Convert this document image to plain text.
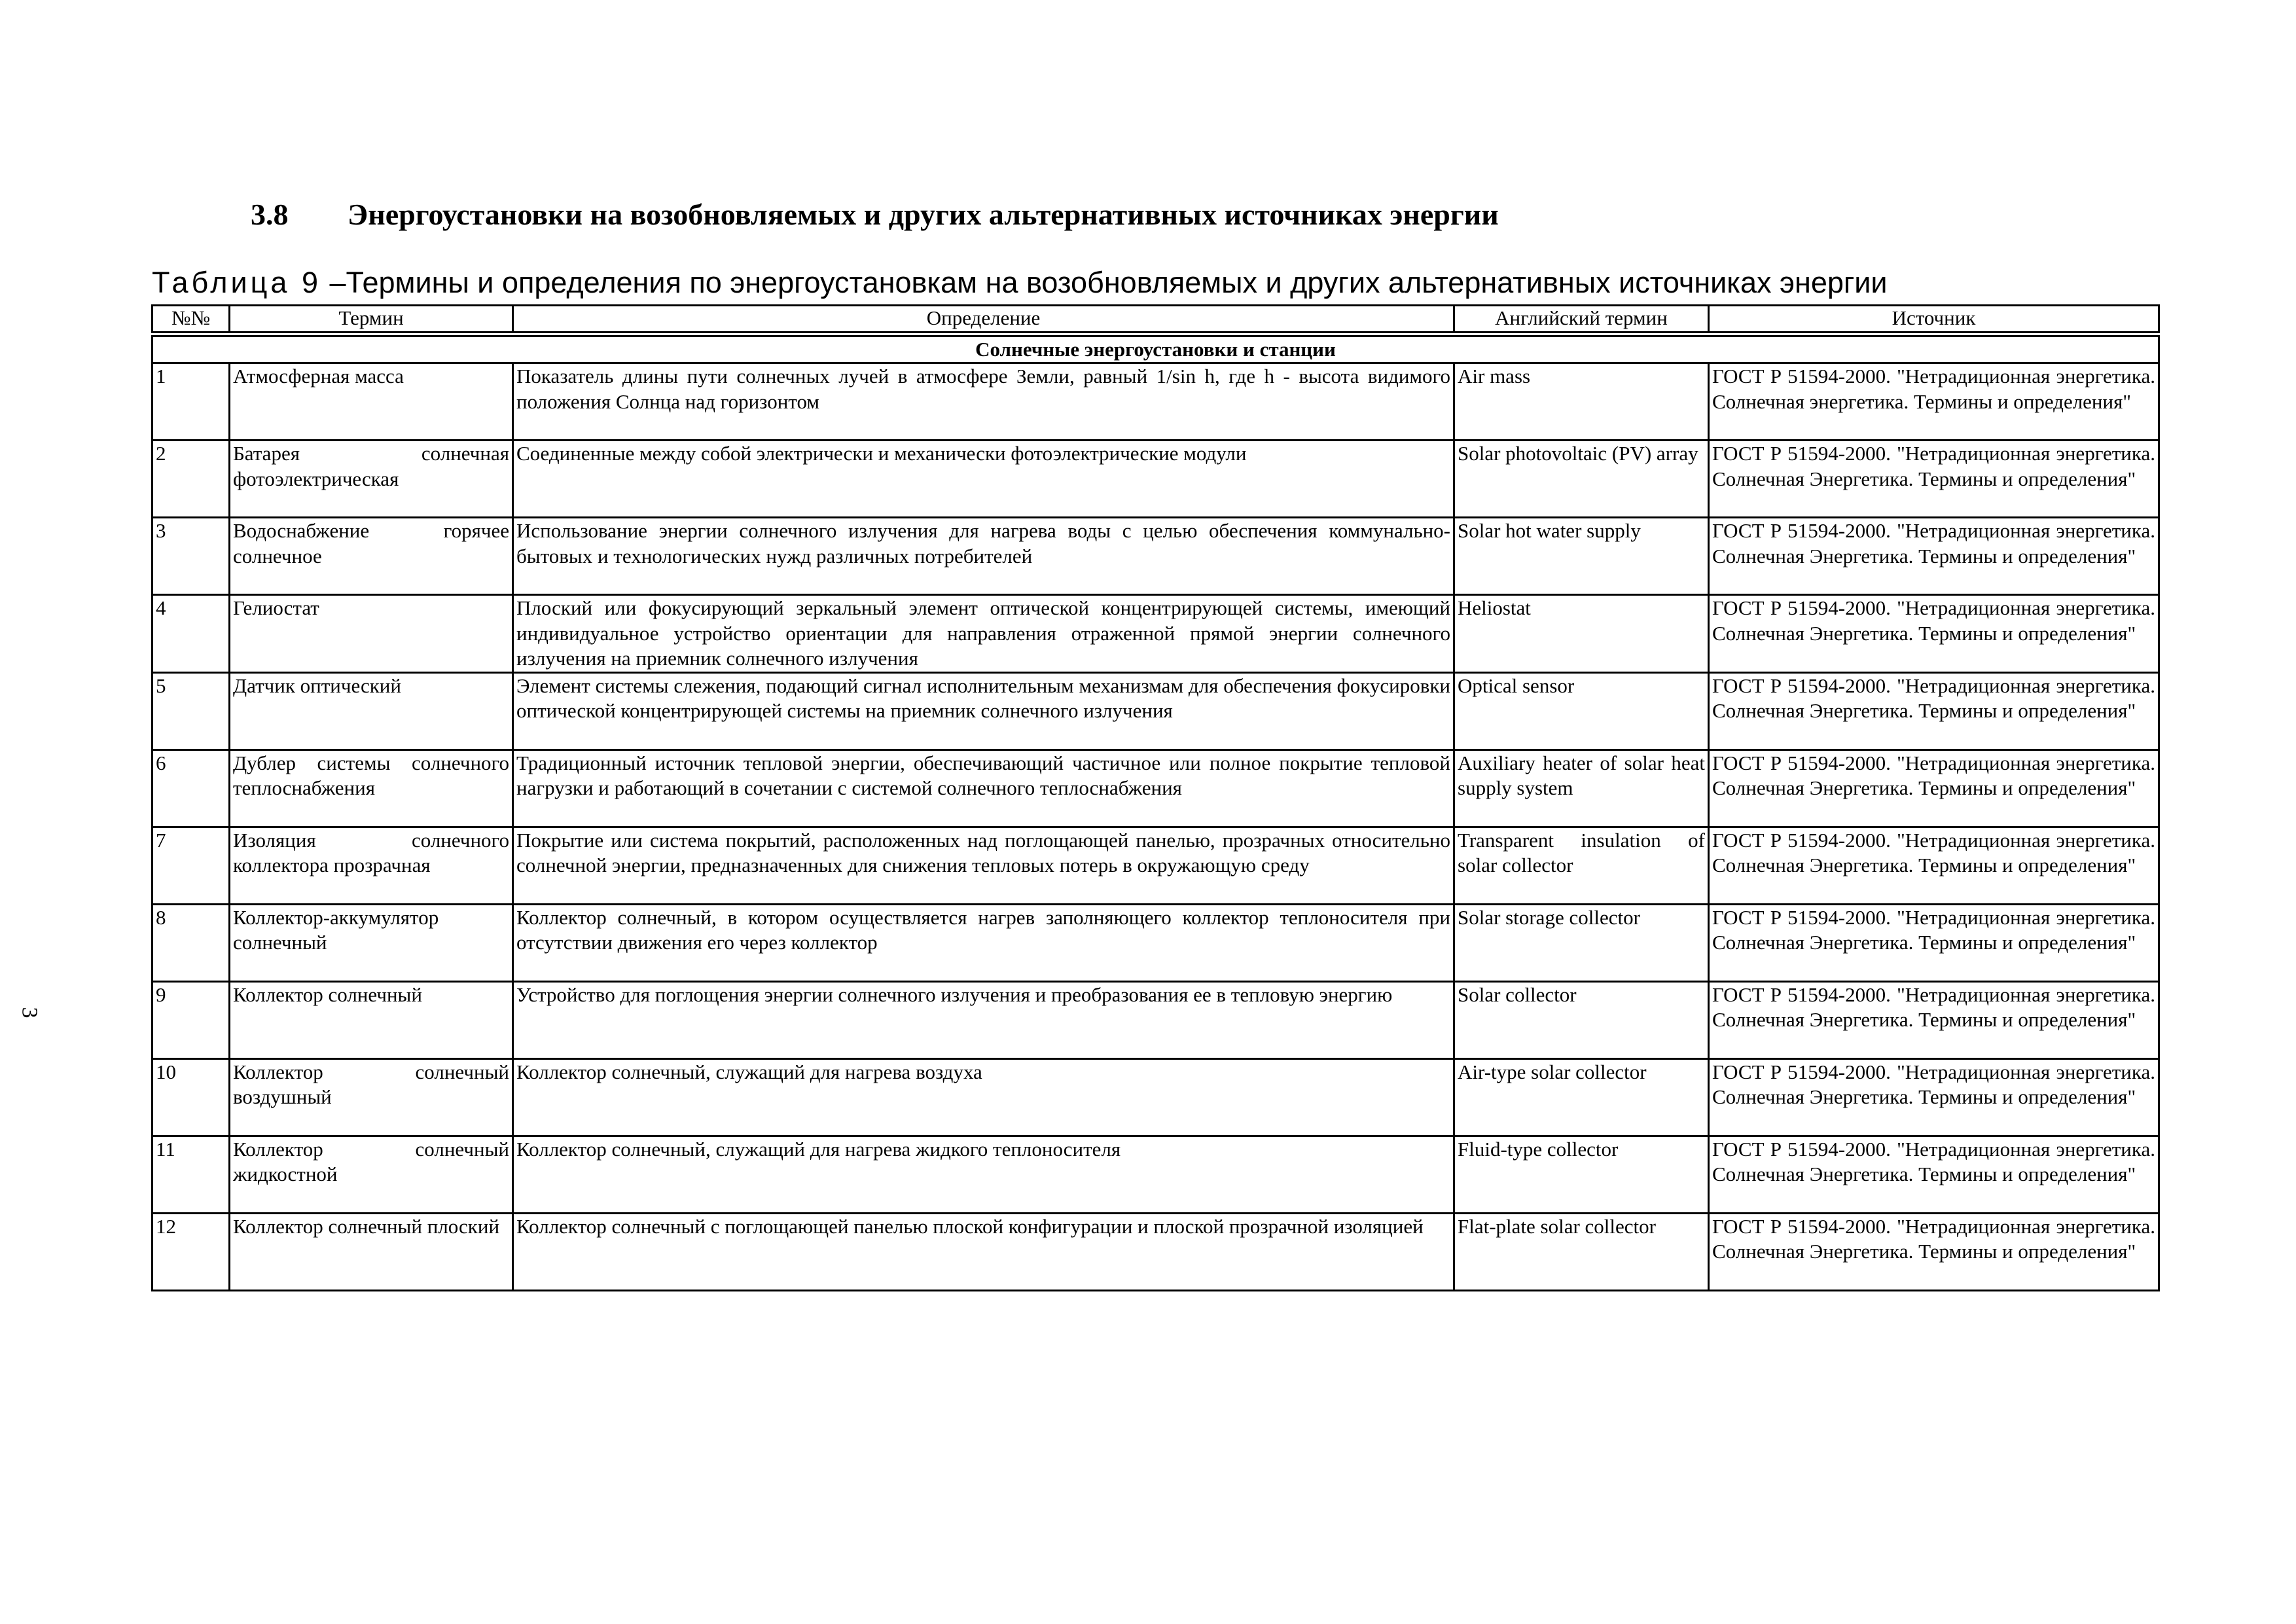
3.8 Энергоустановки на возобновляемых и других альтернативных источниках энергии
Таблица 9 –Термины и определения по энергоустановкам на возобновляемых и других альтернативных источниках энергии
№№	Термин	Определение	Английский термин	Источник
Солнечные энергоустановки и станции				
1	Атмосферная масса	Показатель длины пути солнечных лучей в атмосфере Земли, равный 1/sin h, где h - высота видимого положения Солнца над горизонтом	Air mass	ГОСТ Р 51594-2000. "Нетрадиционная энергетика. Солнечная энергетика. Термины и определения"
2	Батарея солнечная фотоэлектрическая	Соединенные между собой электрически и механически фотоэлектрические модули	Solar photovoltaic (PV) array	ГОСТ Р 51594-2000. "Нетрадиционная энергетика. Солнечная Энергетика. Термины и определения"
3	Водоснабжение горячее солнечное	Использование энергии солнечного излучения для нагрева воды с целью обеспечения коммунально-бытовых и технологических нужд различных потребителей	Solar hot water supply	ГОСТ Р 51594-2000. "Нетрадиционная энергетика. Солнечная Энергетика. Термины и определения"
4	Гелиостат	Плоский или фокусирующий зеркальный элемент оптической концентрирующей системы, имеющий индивидуальное устройство ориентации для направления отраженной прямой энергии солнечного излучения на приемник солнечного излучения	Heliostat	ГОСТ Р 51594-2000. "Нетрадиционная энергетика. Солнечная Энергетика. Термины и определения"
5	Датчик оптический	Элемент системы слежения, подающий сигнал исполнительным механизмам для обеспечения фокусировки оптической концентрирующей системы на приемник солнечного излучения	Optical sensor	ГОСТ Р 51594-2000. "Нетрадиционная энергетика. Солнечная Энергетика. Термины и определения"
6	Дублер системы солнечного теплоснабжения	Традиционный источник тепловой энергии, обеспечивающий частичное или полное покрытие тепловой нагрузки и работающий в сочетании с системой солнечного теплоснабжения	Auxiliary heater of solar heat supply system	ГОСТ Р 51594-2000. "Нетрадиционная энергетика. Солнечная Энергетика. Термины и определения"
7	Изоляция солнечного коллектора прозрачная	Покрытие или система покрытий, расположенных над поглощающей панелью, прозрачных относительно солнечной энергии, предназначенных для снижения тепловых потерь в окружающую среду	Transparent insulation of solar collector	ГОСТ Р 51594-2000. "Нетрадиционная энергетика. Солнечная Энергетика. Термины и определения"
8	Коллектор-аккумулятор солнечный	Коллектор солнечный, в котором осуществляется нагрев заполняющего коллектор теплоносителя при отсутствии движения его через коллектор	Solar storage collector	ГОСТ Р 51594-2000. "Нетрадиционная энергетика. Солнечная Энергетика. Термины и определения"
9	Коллектор солнечный	Устройство для поглощения энергии солнечного излучения и преобразования ее в тепловую энергию	Solar collector	ГОСТ Р 51594-2000. "Нетрадиционная энергетика. Солнечная Энергетика. Термины и определения"
10	Коллектор солнечный воздушный	Коллектор солнечный, служащий для нагрева воздуха	Air-type solar collector	ГОСТ Р 51594-2000. "Нетрадиционная энергетика. Солнечная Энергетика. Термины и определения"
11	Коллектор солнечный жидкостной	Коллектор солнечный, служащий для нагрева жидкого теплоносителя	Fluid-type collector	ГОСТ Р 51594-2000. "Нетрадиционная энергетика. Солнечная Энергетика. Термины и определения"
12	Коллектор солнечный плоский	Коллектор солнечный с поглощающей панелью плоской конфигурации и плоской прозрачной изоляцией	Flat-plate solar collector	ГОСТ Р 51594-2000. "Нетрадиционная энергетика. Солнечная Энергетика. Термины и определения"
3
